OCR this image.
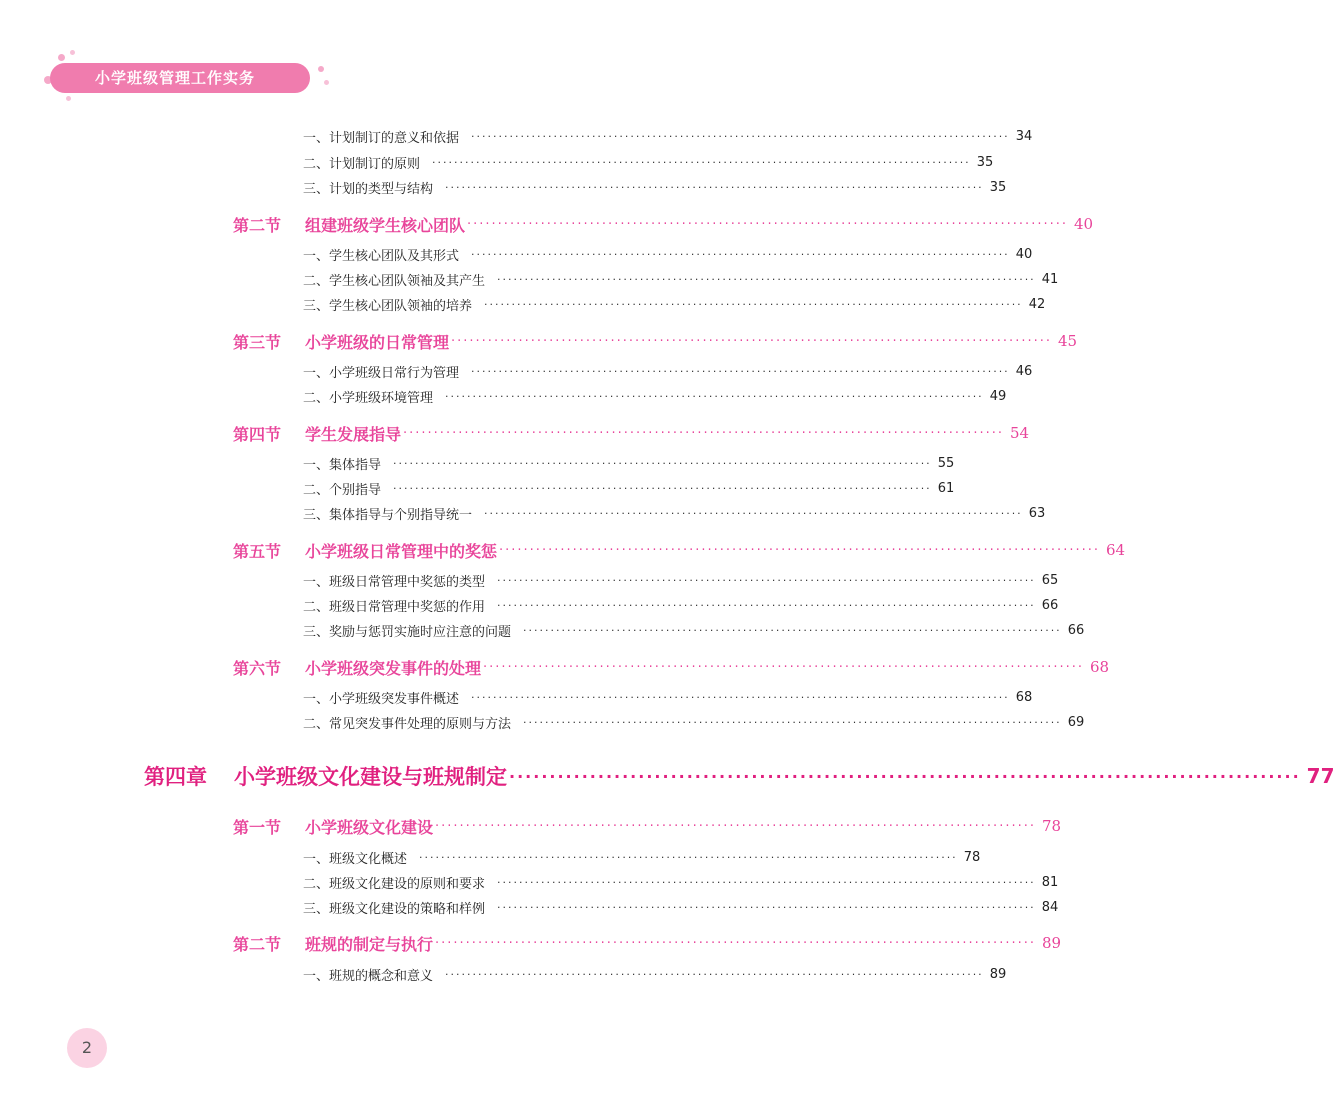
小学班级管理工作实务
一、计划制订的意义和依据 ·································································································· 34
二、计划制订的原则 ·································································································· 35
三、计划的类型与结构 ·································································································· 35
第二节	组建班级学生核心团队 ·································································································· 40
一、学生核心团队及其形式 ·································································································· 40
二、学生核心团队领袖及其产生 ·································································································· 41
三、学生核心团队领袖的培养 ·································································································· 42
第三节	小学班级的日常管理 ·································································································· 45
一、小学班级日常行为管理 ·································································································· 46
二、小学班级环境管理 ·································································································· 49
第四节	学生发展指导 ·································································································· 54
一、集体指导 ·································································································· 55
二、个别指导 ·································································································· 61
三、集体指导与个别指导统一 ·································································································· 63
第五节	小学班级日常管理中的奖惩 ·································································································· 64
一、班级日常管理中奖惩的类型 ·································································································· 65
二、班级日常管理中奖惩的作用 ·································································································· 66
三、奖励与惩罚实施时应注意的问题 ·································································································· 66
第六节	小学班级突发事件的处理 ·································································································· 68
一、小学班级突发事件概述 ·································································································· 68
二、常见突发事件处理的原则与方法 ·································································································· 69
第四章	小学班级文化建设与班规制定 ·································································································· 77
第一节	小学班级文化建设 ·································································································· 78
一、班级文化概述 ·································································································· 78
二、班级文化建设的原则和要求 ·································································································· 81
三、班级文化建设的策略和样例 ·································································································· 84
第二节	班规的制定与执行 ·································································································· 89
一、班规的概念和意义 ·································································································· 89
2
